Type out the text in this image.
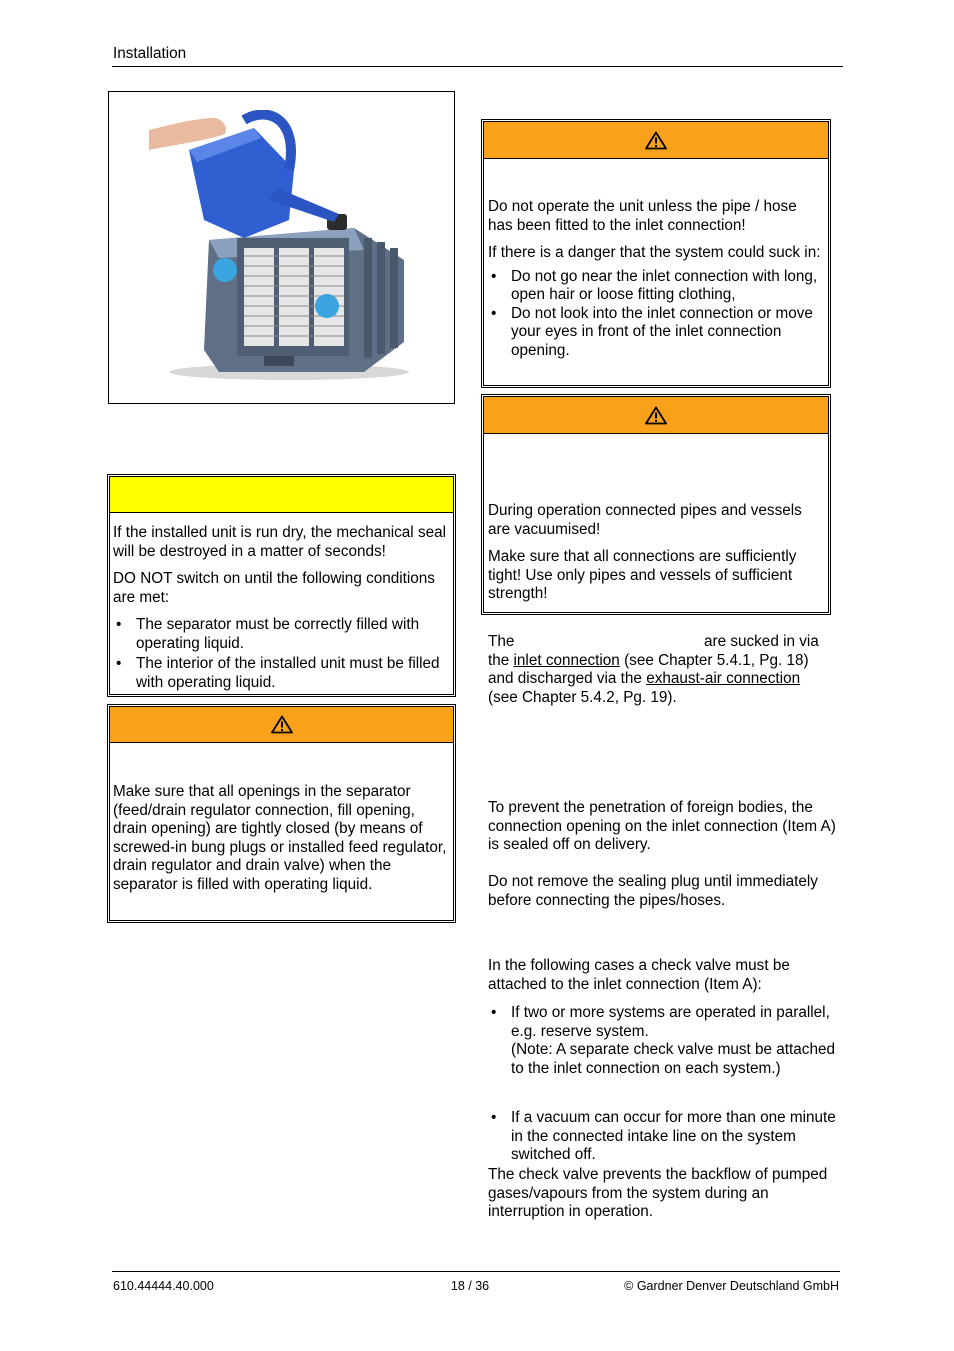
Installation

If the installed unit is run dry, the mechanical seal will be destroyed in a matter of seconds!

DO NOT switch on until the following conditions are met:

• The separator must be correctly filled with operating liquid.
• The interior of the installed unit must be filled with operating liquid.
Make sure that all openings in the separator (feed/drain regulator connection, fill opening, drain opening) are tightly closed (by means of screwed-in bung plugs or installed feed regulator, drain regulator and drain valve) when the separator is filled with operating liquid.

Do not operate the unit unless the pipe / hose has been fitted to the inlet connection!

If there is a danger that the system could suck in:

• Do not go near the inlet connection with long, open hair or loose fitting clothing,
• Do not look into the inlet connection or move your eyes in front of the inlet connection opening.

During operation connected pipes and vessels are vacuumised!

Make sure that all connections are sufficiently tight! Use only pipes and vessels of sufficient strength!

The	are sucked in via
the inlet connection (see Chapter 5.4.1, Pg. 18)
and discharged via the exhaust-air connection
(see Chapter 5.4.2, Pg. 19).
To prevent the penetration of foreign bodies, the connection opening on the inlet connection (Item A) is sealed off on delivery.
Do not remove the sealing plug until immediately before connecting the pipes/hoses.
In the following cases a check valve must be attached to the inlet connection (Item A):
• If two or more systems are operated in parallel, e.g. reserve system.
(Note: A separate check valve must be attached to the inlet connection on each system.)
• If a vacuum can occur for more than one minute in the connected intake line on the system switched off.
The check valve prevents the backflow of pumped gases/vapours from the system during an interruption in operation.
610.44444.40.000	18 / 36	© Gardner Denver Deutschland GmbH
